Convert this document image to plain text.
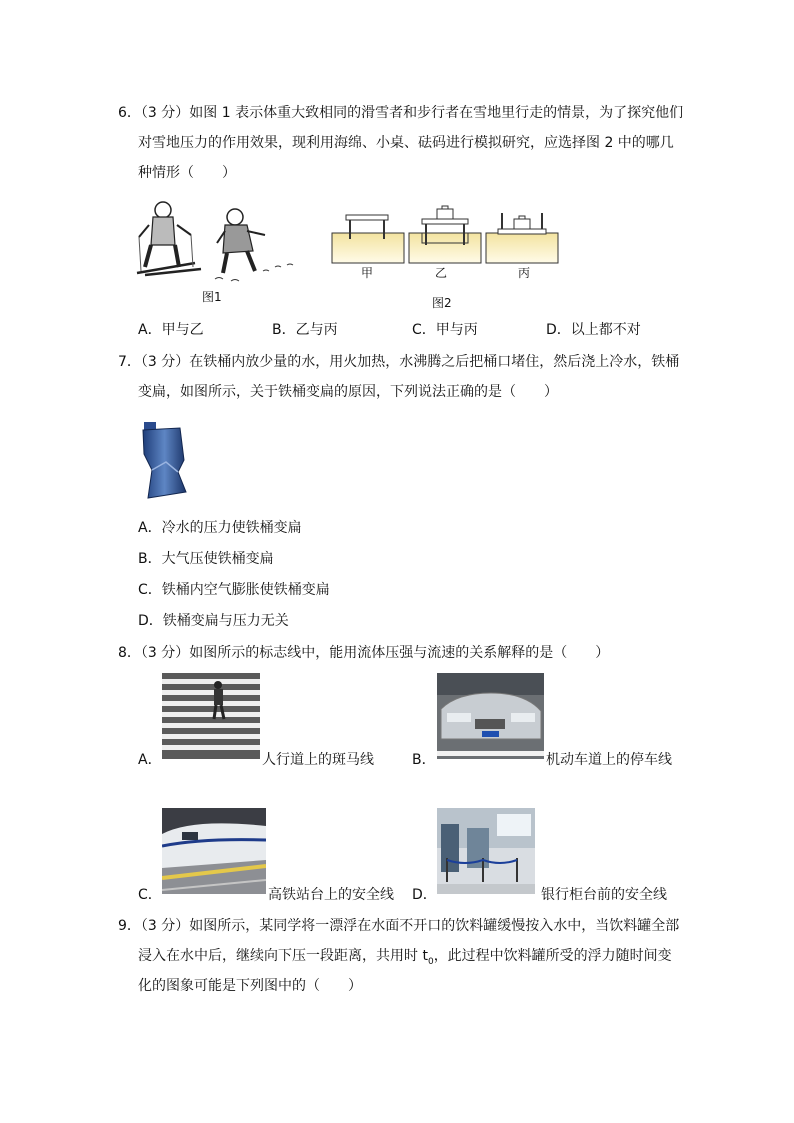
6．（3 分）如图 1 表示体重大致相同的滑雪者和步行者在雪地里行走的情景，为了探究他们
对雪地压力的作用效果，现利用海绵、小桌、砝码进行模拟研究，应选择图 2 中的哪几
种情形（　　）
图1
甲	乙	丙
图2
A．甲与乙	B．乙与丙	C．甲与丙	D．以上都不对
7．（3 分）在铁桶内放少量的水，用火加热，水沸腾之后把桶口堵住，然后浇上冷水，铁桶
变扁，如图所示，关于铁桶变扁的原因，下列说法正确的是（　　）
A．冷水的压力使铁桶变扁
B．大气压使铁桶变扁
C．铁桶内空气膨胀使铁桶变扁
D．铁桶变扁与压力无关
8．（3 分）如图所示的标志线中，能用流体压强与流速的关系解释的是（　　）
A．	人行道上的斑马线	B．	机动车道上的停车线
C．	高铁站台上的安全线 D．	银行柜台前的安全线
9．（3 分）如图所示，某同学将一漂浮在水面不开口的饮料罐缓慢按入水中，当饮料罐全部
浸入在水中后，继续向下压一段距离，共用时 $t_0$，此过程中饮料罐所受的浮力随时间变
化的图象可能是下列图中的（　　）
